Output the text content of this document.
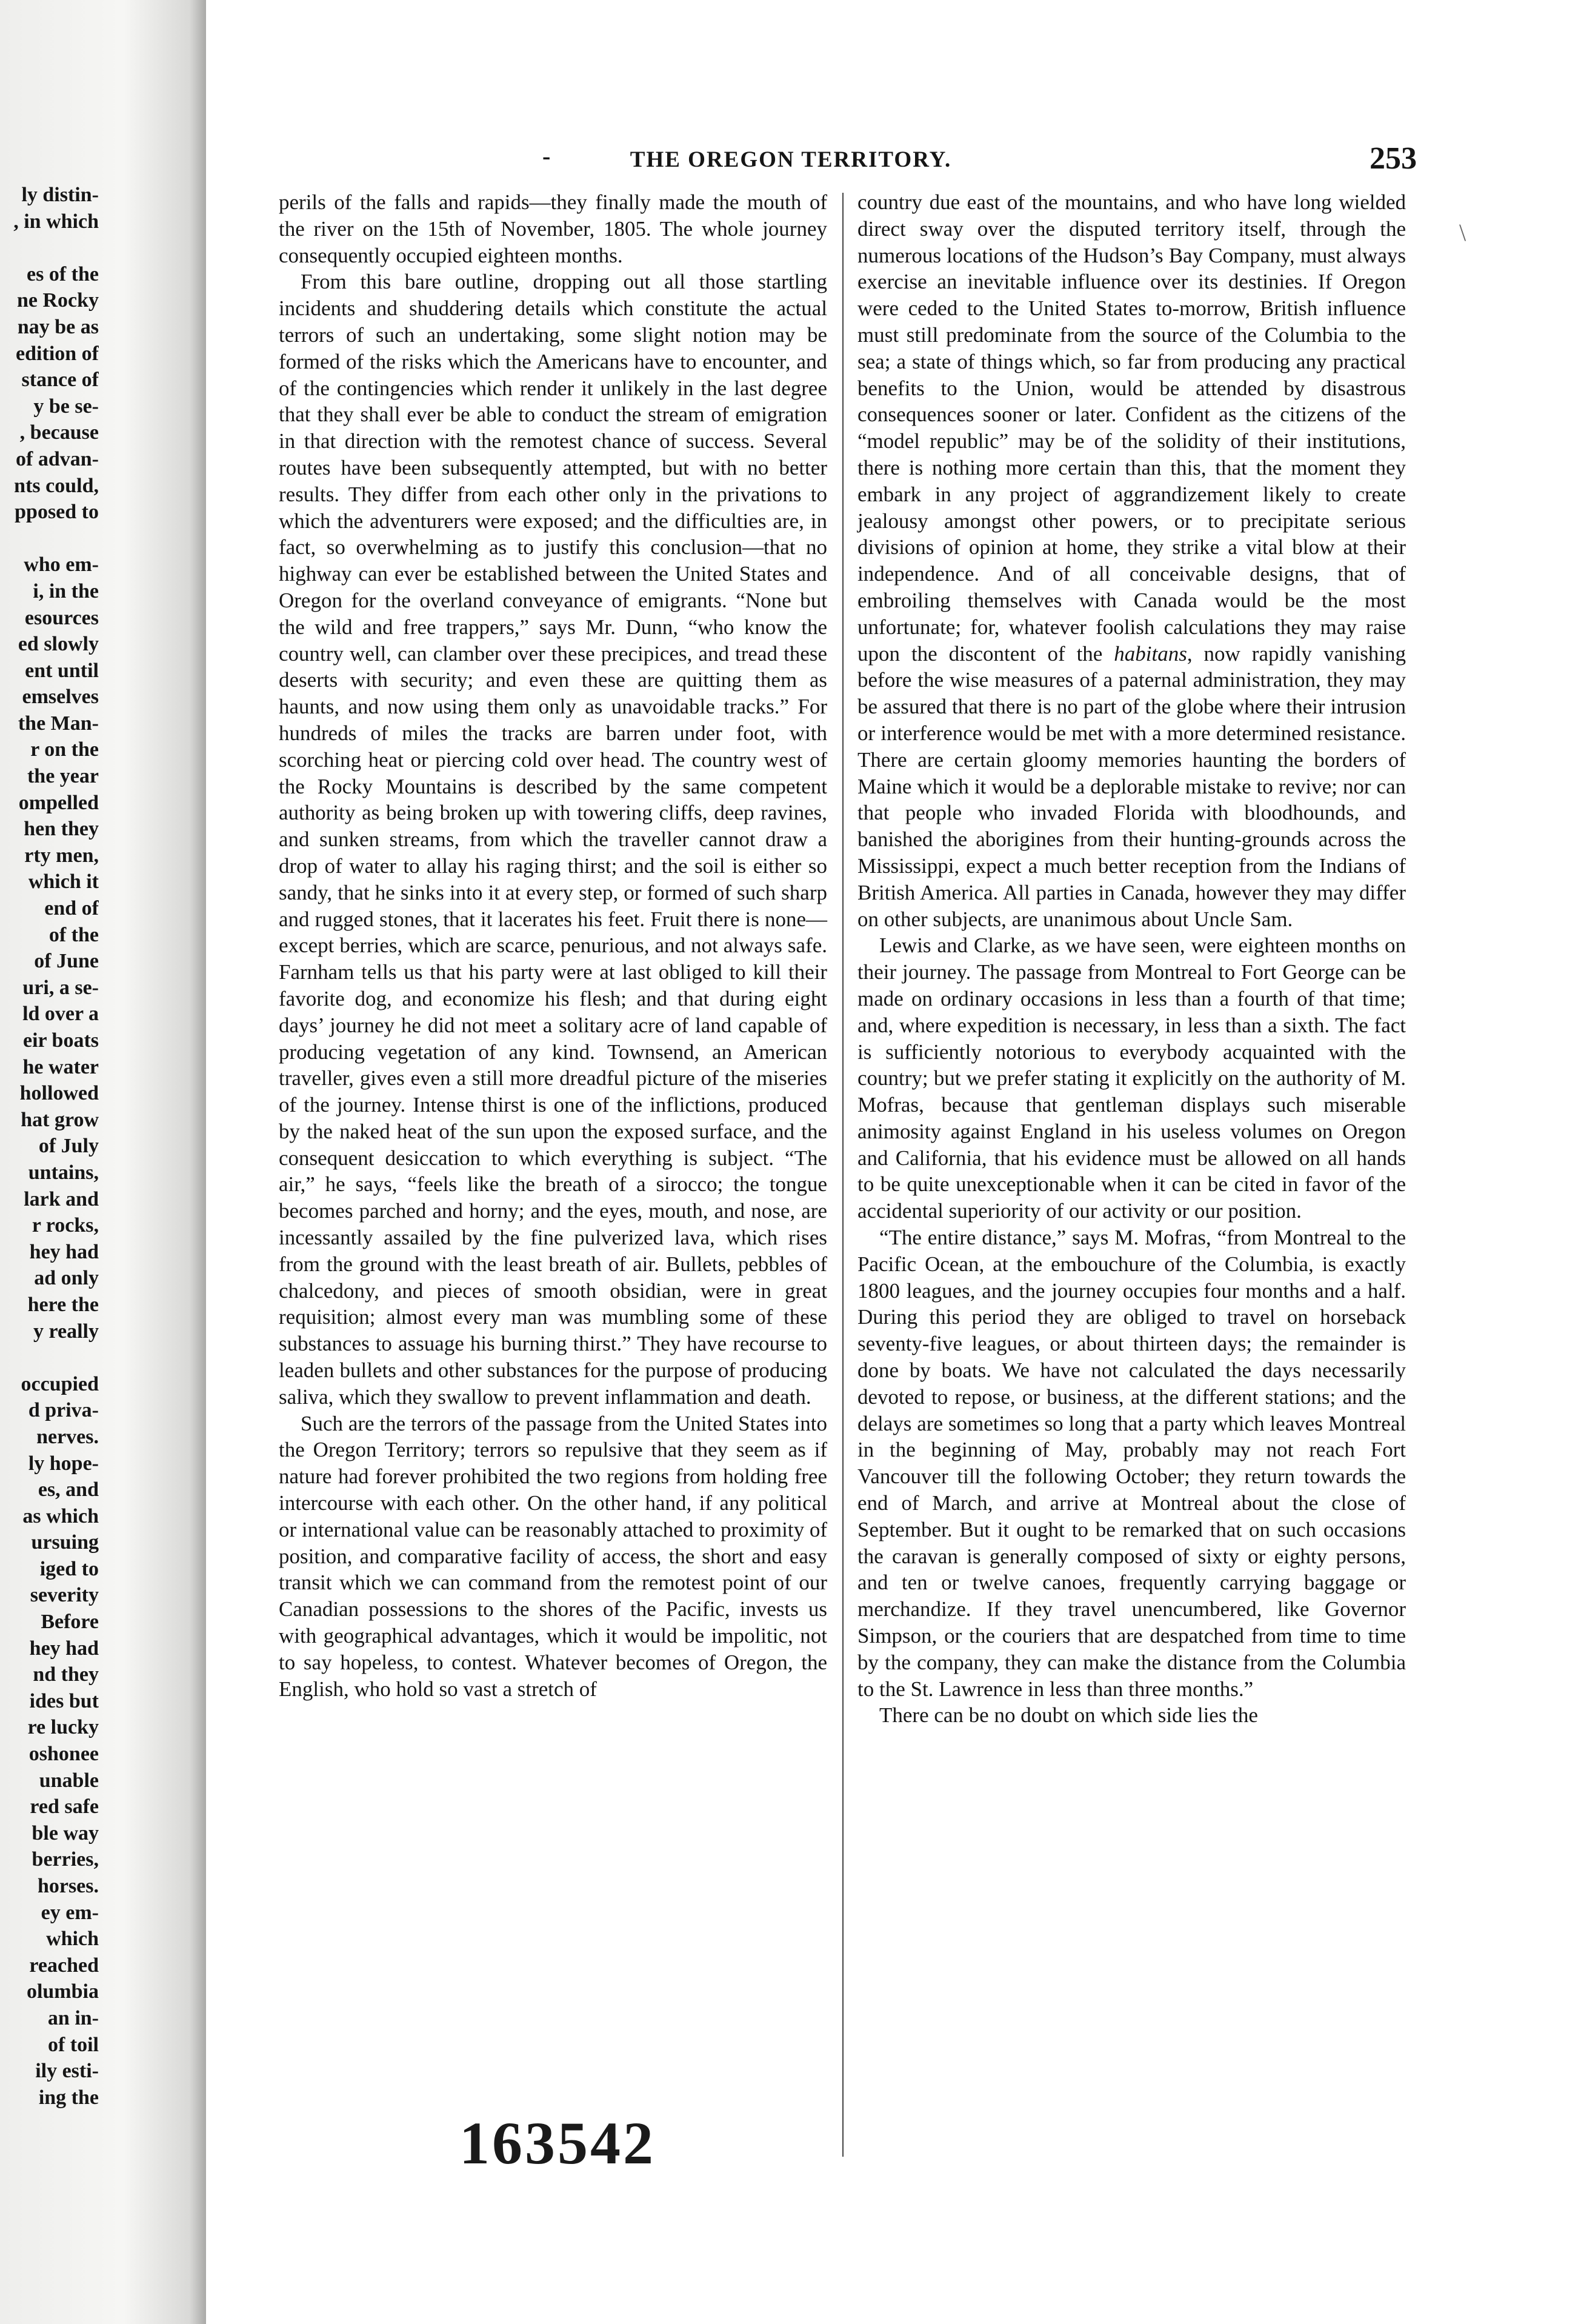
ly distin-
, in which
es of the
ne Rocky
nay be as
edition of
stance of
y be se-
, because
of advan-
nts could,
pposed to
who em-
i, in the
esources
ed slowly
ent until
emselves
the Man-
r on the
the year
ompelled
hen they
rty men,
which it
end of
of the
of June
uri, a se-
ld over a
eir boats
he water
hollowed
hat grow
of July
untains,
lark and
r rocks,
hey had
ad only
here the
y really
occupied
d priva-
nerves.
ly hope-
es, and
as which
ursuing
iged to
severity
Before
hey had
nd they
ides but
re lucky
oshonee
unable
red safe
ble way
berries,
horses.
ey em-
which
reached
olumbia
an in-
of toil
ily esti-
ing the
-	THE OREGON TERRITORY.	253
\

perils of the falls and rapids—they finally made the mouth of the river on the 15th of November, 1805. The whole journey consequently occupied eighteen months.

From this bare outline, dropping out all those startling incidents and shuddering details which constitute the actual terrors of such an undertaking, some slight notion may be formed of the risks which the Americans have to encounter, and of the contingencies which render it unlikely in the last degree that they shall ever be able to conduct the stream of emigration in that direction with the remotest chance of success. Several routes have been subsequently attempted, but with no better results. They differ from each other only in the privations to which the adventurers were exposed; and the difficulties are, in fact, so overwhelming as to justify this conclusion—that no highway can ever be established between the United States and Oregon for the overland conveyance of emigrants. “None but the wild and free trappers,” says Mr. Dunn, “who know the country well, can clamber over these precipices, and tread these deserts with security; and even these are quitting them as haunts, and now using them only as unavoidable tracks.” For hundreds of miles the tracks are barren under foot, with scorching heat or piercing cold over head. The country west of the Rocky Mountains is described by the same competent authority as being broken up with towering cliffs, deep ravines, and sunken streams, from which the traveller cannot draw a drop of water to allay his raging thirst; and the soil is either so sandy, that he sinks into it at every step, or formed of such sharp and rugged stones, that it lacerates his feet. Fruit there is none—except berries, which are scarce, penurious, and not always safe. Farnham tells us that his party were at last obliged to kill their favorite dog, and economize his flesh; and that during eight days’ journey he did not meet a solitary acre of land capable of producing vegetation of any kind. Townsend, an American traveller, gives even a still more dreadful picture of the miseries of the journey. Intense thirst is one of the inflictions, produced by the naked heat of the sun upon the exposed surface, and the consequent desiccation to which everything is subject. “The air,” he says, “feels like the breath of a sirocco; the tongue becomes parched and horny; and the eyes, mouth, and nose, are incessantly assailed by the fine pulverized lava, which rises from the ground with the least breath of air. Bullets, pebbles of chalcedony, and pieces of smooth obsidian, were in great requisition; almost every man was mumbling some of these substances to assuage his burning thirst.” They have recourse to leaden bullets and other substances for the purpose of producing saliva, which they swallow to prevent inflammation and death.

Such are the terrors of the passage from the United States into the Oregon Territory; terrors so repulsive that they seem as if nature had forever prohibited the two regions from holding free intercourse with each other. On the other hand, if any political or international value can be reasonably attached to proximity of position, and comparative facility of access, the short and easy transit which we can command from the remotest point of our Canadian possessions to the shores of the Pacific, invests us with geographical advantages, which it would be impolitic, not to say hopeless, to contest. Whatever becomes of Oregon, the English, who hold so vast a stretch of

country due east of the mountains, and who have long wielded direct sway over the disputed territory itself, through the numerous locations of the Hudson’s Bay Company, must always exercise an inevitable influence over its destinies. If Oregon were ceded to the United States to-morrow, British influence must still predominate from the source of the Columbia to the sea; a state of things which, so far from producing any practical benefits to the Union, would be attended by disastrous consequences sooner or later. Confident as the citizens of the “model republic” may be of the solidity of their institutions, there is nothing more certain than this, that the moment they embark in any project of aggrandizement likely to create jealousy amongst other powers, or to precipitate serious divisions of opinion at home, they strike a vital blow at their independence. And of all conceivable designs, that of embroiling themselves with Canada would be the most unfortunate; for, whatever foolish calculations they may raise upon the discontent of the habitans, now rapidly vanishing before the wise measures of a paternal administration, they may be assured that there is no part of the globe where their intrusion or interference would be met with a more determined resistance. There are certain gloomy memories haunting the borders of Maine which it would be a deplorable mistake to revive; nor can that people who invaded Florida with bloodhounds, and banished the aborigines from their hunting-grounds across the Mississippi, expect a much better reception from the Indians of British America. All parties in Canada, however they may differ on other subjects, are unanimous about Uncle Sam.

Lewis and Clarke, as we have seen, were eighteen months on their journey. The passage from Montreal to Fort George can be made on ordinary occasions in less than a fourth of that time; and, where expedition is necessary, in less than a sixth. The fact is sufficiently notorious to everybody acquainted with the country; but we prefer stating it explicitly on the authority of M. Mofras, because that gentleman displays such miserable animosity against England in his useless volumes on Oregon and California, that his evidence must be allowed on all hands to be quite unexceptionable when it can be cited in favor of the accidental superiority of our activity or our position.

“The entire distance,” says M. Mofras, “from Montreal to the Pacific Ocean, at the embouchure of the Columbia, is exactly 1800 leagues, and the journey occupies four months and a half. During this period they are obliged to travel on horseback seventy-five leagues, or about thirteen days; the remainder is done by boats. We have not calculated the days necessarily devoted to repose, or business, at the different stations; and the delays are sometimes so long that a party which leaves Montreal in the beginning of May, probably may not reach Fort Vancouver till the following October; they return towards the end of March, and arrive at Montreal about the close of September. But it ought to be remarked that on such occasions the caravan is generally composed of sixty or eighty persons, and ten or twelve canoes, frequently carrying baggage or merchandize. If they travel unencumbered, like Governor Simpson, or the couriers that are despatched from time to time by the company, they can make the distance from the Columbia to the St. Lawrence in less than three months.”

There can be no doubt on which side lies the

163542
